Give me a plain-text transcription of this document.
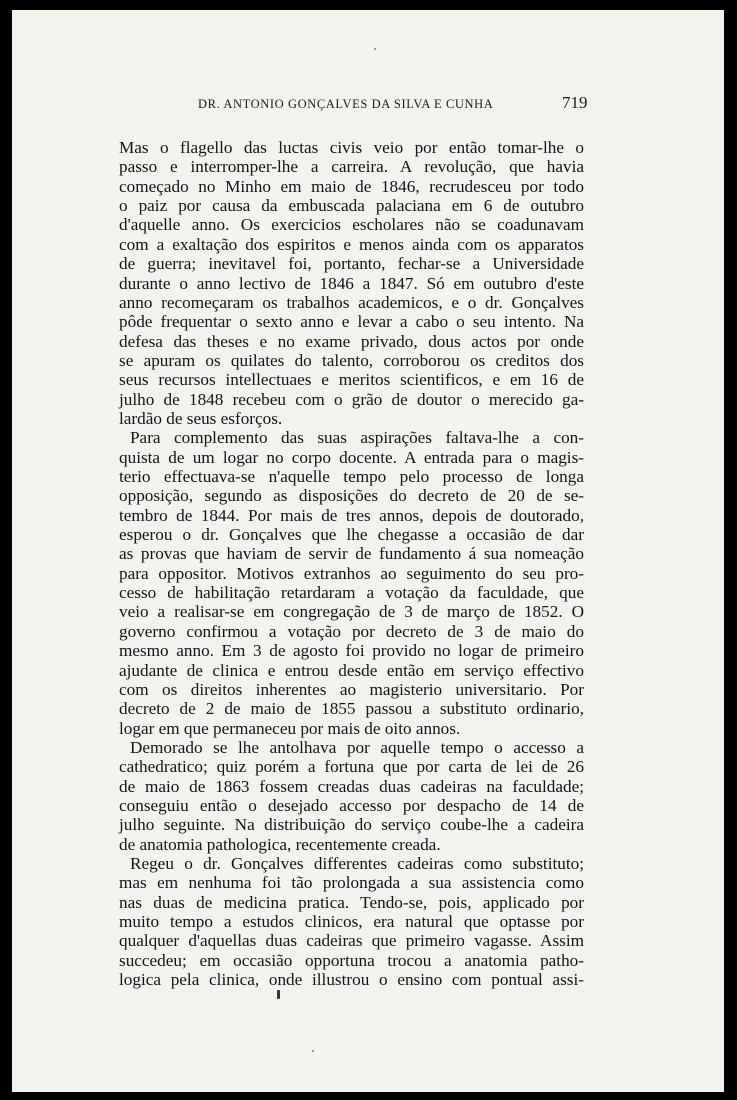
DR. ANTONIO GONÇALVES DA SILVA E CUNHA	719
Mas o flagello das luctas civis veio por então tomar-lhe o
passo e interromper-lhe a carreira. A revolução, que havia
começado no Minho em maio de 1846, recrudesceu por todo
o paiz por causa da embuscada palaciana em 6 de outubro
d'aquelle anno. Os exercicios escholares não se coadunavam
com a exaltação dos espiritos e menos ainda com os apparatos
de guerra; inevitavel foi, portanto, fechar-se a Universidade
durante o anno lectivo de 1846 a 1847. Só em outubro d'este
anno recomeçaram os trabalhos academicos, e o dr. Gonçalves
pôde frequentar o sexto anno e levar a cabo o seu intento. Na
defesa das theses e no exame privado, dous actos por onde
se apuram os quilates do talento, corroborou os creditos dos
seus recursos intellectuaes e meritos scientificos, e em 16 de
julho de 1848 recebeu com o grão de doutor o merecido ga-
lardão de seus esforços.
Para complemento das suas aspirações faltava-lhe a con-
quista de um logar no corpo docente. A entrada para o magis-
terio effectuava-se n'aquelle tempo pelo processo de longa
opposição, segundo as disposições do decreto de 20 de se-
tembro de 1844. Por mais de tres annos, depois de doutorado,
esperou o dr. Gonçalves que lhe chegasse a occasião de dar
as provas que haviam de servir de fundamento á sua nomeação
para oppositor. Motivos extranhos ao seguimento do seu pro-
cesso de habilitação retardaram a votação da faculdade, que
veio a realisar-se em congregação de 3 de março de 1852. O
governo confirmou a votação por decreto de 3 de maio do
mesmo anno. Em 3 de agosto foi provido no logar de primeiro
ajudante de clinica e entrou desde então em serviço effectivo
com os direitos inherentes ao magisterio universitario. Por
decreto de 2 de maio de 1855 passou a substituto ordinario,
logar em que permaneceu por mais de oito annos.
Demorado se lhe antolhava por aquelle tempo o accesso a
cathedratico; quiz porém a fortuna que por carta de lei de 26
de maio de 1863 fossem creadas duas cadeiras na faculdade;
conseguiu então o desejado accesso por despacho de 14 de
julho seguinte. Na distribuição do serviço coube-lhe a cadeira
de anatomia pathologica, recentemente creada.
Regeu o dr. Gonçalves differentes cadeiras como substituto;
mas em nenhuma foi tão prolongada a sua assistencia como
nas duas de medicina pratica. Tendo-se, pois, applicado por
muito tempo a estudos clinicos, era natural que optasse por
qualquer d'aquellas duas cadeiras que primeiro vagasse. Assim
succedeu; em occasião opportuna trocou a anatomia patho-
logica pela clinica, onde illustrou o ensino com pontual assi-
